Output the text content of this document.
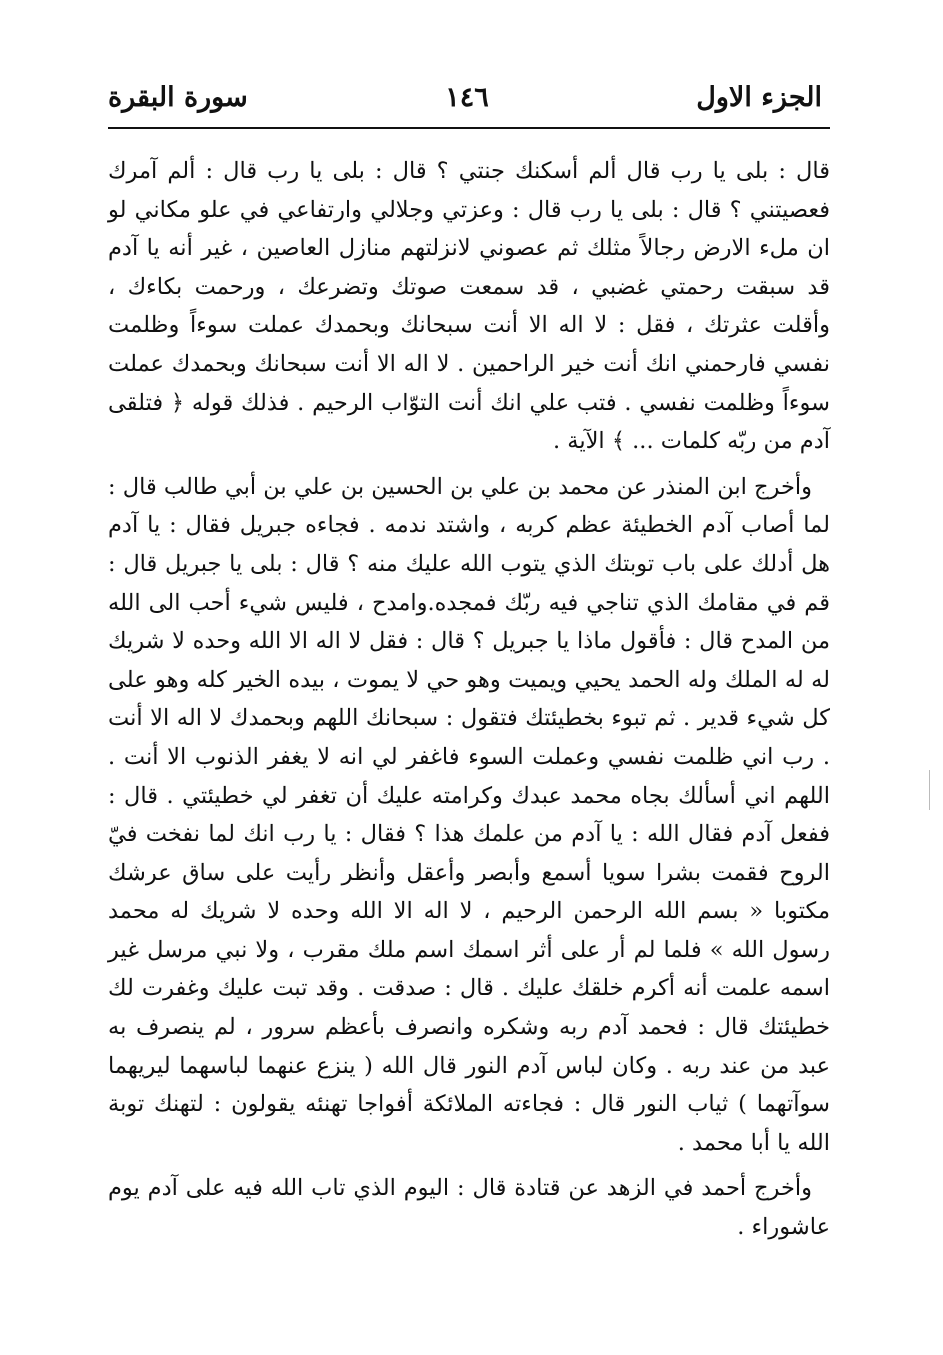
الجزء الاول
١٤٦
سورة البقرة

قال : بلى يا رب قال ألم أسكنك جنتي ؟ قال : بلى يا رب قال : ألم آمرك فعصيتني ؟ قال : بلى يا رب قال : وعزتي وجلالي وارتفاعي في علو مكاني لو ان ملء الارض رجالاً مثلك ثم عصوني لانزلتهم منازل العاصين ، غير أنه يا آدم قد سبقت رحمتي غضبي ، قد سمعت صوتك وتضرعك ، ورحمت بكاءك ، وأقلت عثرتك ، فقل : لا اله الا أنت سبحانك وبحمدك عملت سوءاً وظلمت نفسي فارحمني انك أنت خير الراحمين . لا اله الا أنت سبحانك وبحمدك عملت سوءاً وظلمت نفسي . فتب علي انك أنت التوّاب الرحيم . فذلك قوله ﴿ فتلقى آدم من ربّه كلمات ... ﴾ الآية .

وأخرج ابن المنذر عن محمد بن علي بن الحسين بن علي بن أبي طالب قال : لما أصاب آدم الخطيئة عظم كربه ، واشتد ندمه . فجاءه جبريل فقال : يا آدم هل أدلك على باب توبتك الذي يتوب الله عليك منه ؟ قال : بلى يا جبريل قال : قم في مقامك الذي تناجي فيه ربّك فمجده.وامدح ، فليس شيء أحب الى الله من المدح قال : فأقول ماذا يا جبريل ؟ قال : فقل لا اله الا الله وحده لا شريك له له الملك وله الحمد يحيي ويميت وهو حي لا يموت ، بيده الخير كله وهو على كل شيء قدير . ثم تبوء بخطيئتك فتقول : سبحانك اللهم وبحمدك لا اله الا أنت . رب اني ظلمت نفسي وعملت السوء فاغفر لي انه لا يغفر الذنوب الا أنت . اللهم اني أسألك بجاه محمد عبدك وكرامته عليك أن تغفر لي خطيئتي . قال : ففعل آدم فقال الله : يا آدم من علمك هذا ؟ فقال : يا رب انك لما نفخت فيّ الروح فقمت بشرا سويا أسمع وأبصر وأعقل وأنظر رأيت على ساق عرشك مكتوبا « بسم الله الرحمن الرحيم ، لا اله الا الله وحده لا شريك له محمد رسول الله » فلما لم أر على أثر اسمك اسم ملك مقرب ، ولا نبي مرسل غير اسمه علمت أنه أكرم خلقك عليك . قال : صدقت . وقد تبت عليك وغفرت لك خطيئتك قال : فحمد آدم ربه وشكره وانصرف بأعظم سرور ، لم ينصرف به عبد من عند ربه . وكان لباس آدم النور قال الله ( ينزع عنهما لباسهما ليريهما سوآتهما ) ثياب النور قال : فجاءته الملائكة أفواجا تهنئه يقولون : لتهنك توبة الله يا أبا محمد .

وأخرج أحمد في الزهد عن قتادة قال : اليوم الذي تاب الله فيه على آدم يوم عاشوراء .
